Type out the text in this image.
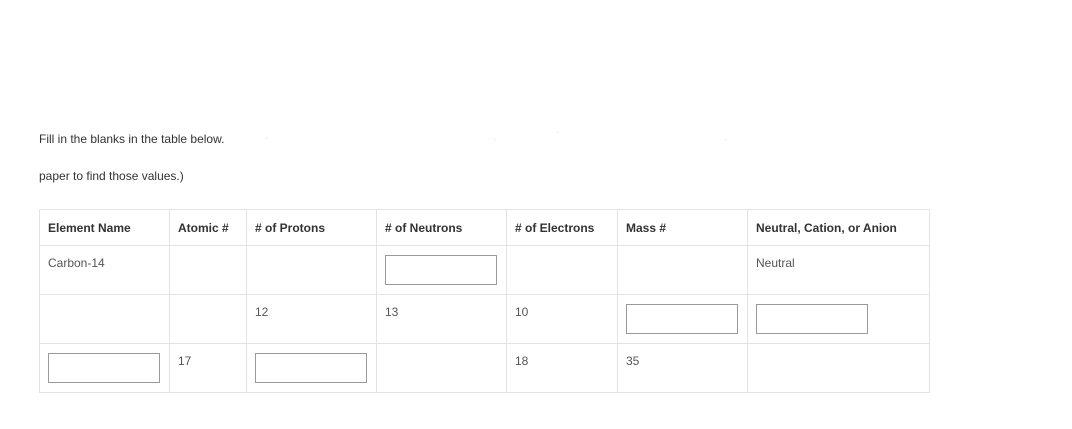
Fill in the blanks in the table below.
paper to find those values.)
Element Name	Atomic #	# of Protons	# of Neutrons	# of Electrons	Mass #	Neutral, Cation, or Anion
Carbon-14						Neutral
		12	13	10	

	17			18	35	
